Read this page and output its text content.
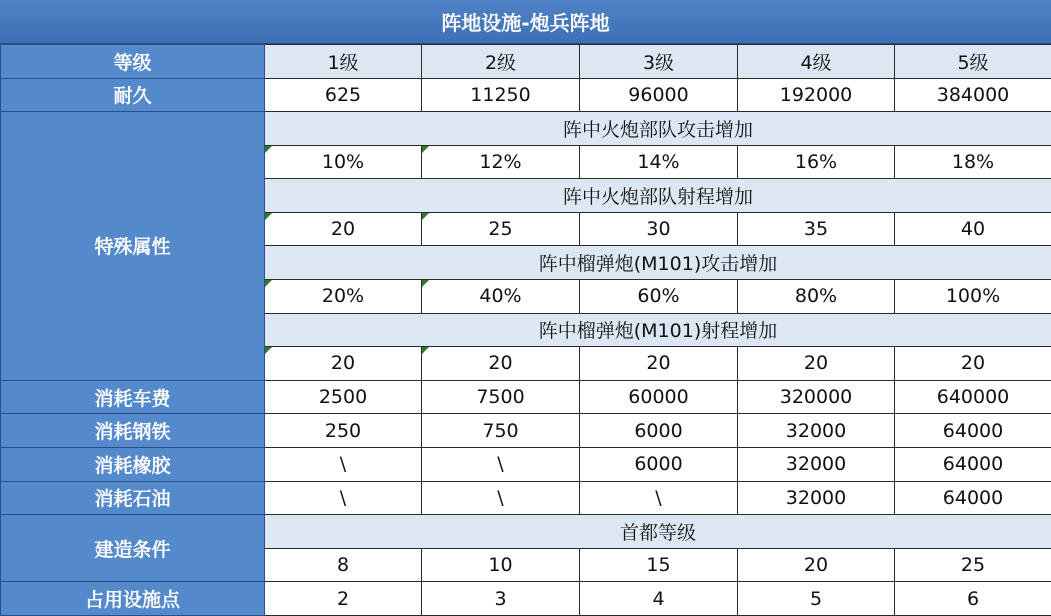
阵地设施-炮兵阵地
等级	1级	2级	3级	4级	5级
耐久	625	11250	96000	192000	384000
特殊属性	阵中火炮部队攻击增加				

10%	12%	14%	16%	18%
	阵中火炮部队射程增加				

20	25	30	35	40
	阵中榴弹炮(M101)攻击增加				

20%	40%	60%	80%	100%
	阵中榴弹炮(M101)射程增加				

20	20	20	20	20
消耗车费	2500	7500	60000	320000	640000
消耗钢铁	250	750	6000	32000	64000
消耗橡胶	\	\	6000	32000	64000
消耗石油	\	\	\	32000	64000
建造条件	首都等级				
	8	10	15	20	25
占用设施点	2	3	4	5	6
